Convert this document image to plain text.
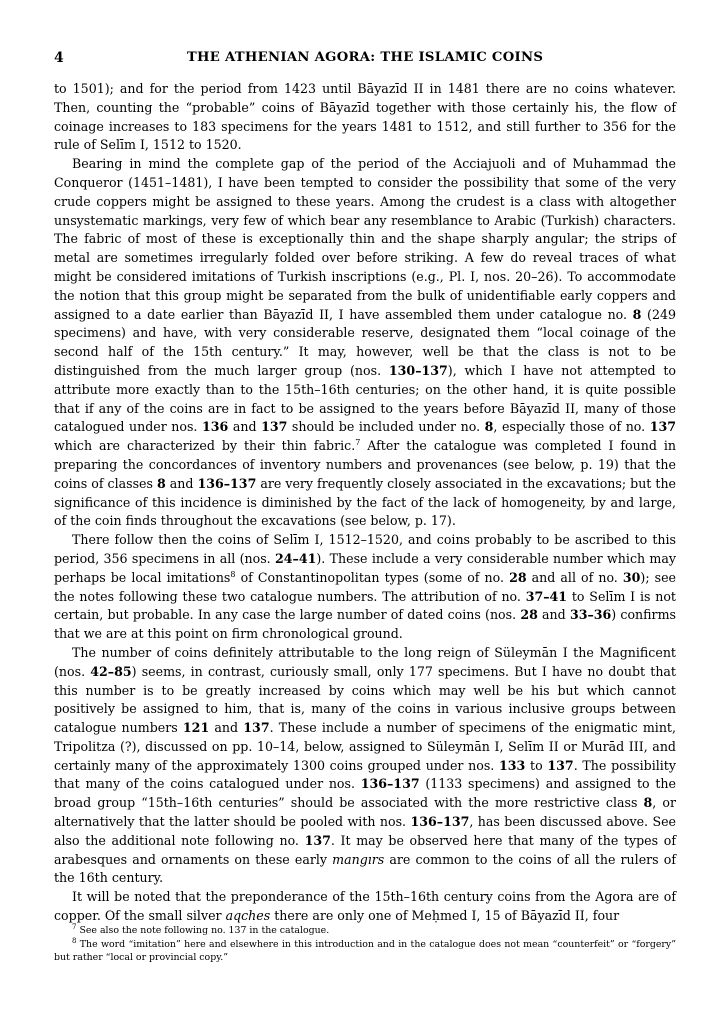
4	THE ATHENIAN AGORA: THE ISLAMIC COINS

to 1501); and for the period from 1423 until Bāyazīd II in 1481 there are no coins whatever. Then, counting the “probable” coins of Bāyazīd together with those certainly his, the flow of coinage increases to 183 specimens for the years 1481 to 1512, and still further to 356 for the rule of Selīm I, 1512 to 1520.

Bearing in mind the complete gap of the period of the Acciajuoli and of Muhammad the Conqueror (1451–1481), I have been tempted to consider the possibility that some of the very crude coppers might be assigned to these years. Among the crudest is a class with altogether unsystematic markings, very few of which bear any resemblance to Arabic (Turkish) characters. The fabric of most of these is exceptionally thin and the shape sharply angular; the strips of metal are sometimes irregularly folded over before striking. A few do reveal traces of what might be considered imitations of Turkish inscriptions (e.g., Pl. I, nos. 20–26). To accommodate the notion that this group might be separated from the bulk of unidentifiable early coppers and assigned to a date earlier than Bāyazīd II, I have assembled them under catalogue no. 8 (249 specimens) and have, with very considerable reserve, designated them “local coinage of the second half of the 15th century.” It may, however, well be that the class is not to be distinguished from the much larger group (nos. 130–137), which I have not attempted to attribute more exactly than to the 15th–16th centuries; on the other hand, it is quite possible that if any of the coins are in fact to be assigned to the years before Bāyazīd II, many of those catalogued under nos. 136 and 137 should be included under no. 8, especially those of no. 137 which are characterized by their thin fabric.$^7$ After the catalogue was completed I found in preparing the concordances of inventory numbers and provenances (see below, p. 19) that the coins of classes 8 and 136–137 are very frequently closely associated in the excavations; but the significance of this incidence is diminished by the fact of the lack of homogeneity, by and large, of the coin finds throughout the excavations (see below, p. 17).

There follow then the coins of Selīm I, 1512–1520, and coins probably to be ascribed to this period, 356 specimens in all (nos. 24–41). These include a very considerable number which may perhaps be local imitations$^8$ of Constantinopolitan types (some of no. 28 and all of no. 30); see the notes following these two catalogue numbers. The attribution of no. 37–41 to Selīm I is not certain, but probable. In any case the large number of dated coins (nos. 28 and 33–36) confirms that we are at this point on firm chronological ground.

The number of coins definitely attributable to the long reign of Süleymān I the Magnificent (nos. 42–85) seems, in contrast, curiously small, only 177 specimens. But I have no doubt that this number is to be greatly increased by coins which may well be his but which cannot positively be assigned to him, that is, many of the coins in various inclusive groups between catalogue numbers 121 and 137. These include a number of specimens of the enigmatic mint, Tripolitza (?), discussed on pp. 10–14, below, assigned to Süleymān I, Selīm II or Murād III, and certainly many of the approximately 1300 coins grouped under nos. 133 to 137. The possibility that many of the coins catalogued under nos. 136–137 (1133 specimens) and assigned to the broad group “15th–16th centuries” should be associated with the more restrictive class 8, or alternatively that the latter should be pooled with nos. 136–137, has been discussed above. See also the additional note following no. 137. It may be observed here that many of the types of arabesques and ornaments on these early mangırs are common to the coins of all the rulers of the 16th century.

It will be noted that the preponderance of the 15th–16th century coins from the Agora are of copper. Of the small silver aqches there are only one of Meḥmed I, 15 of Bāyazīd II, four

$^7$ See also the note following no. 137 in the catalogue.

$^8$ The word “imitation” here and elsewhere in this introduction and in the catalogue does not mean “counterfeit” or “forgery” but rather “local or provincial copy.”
